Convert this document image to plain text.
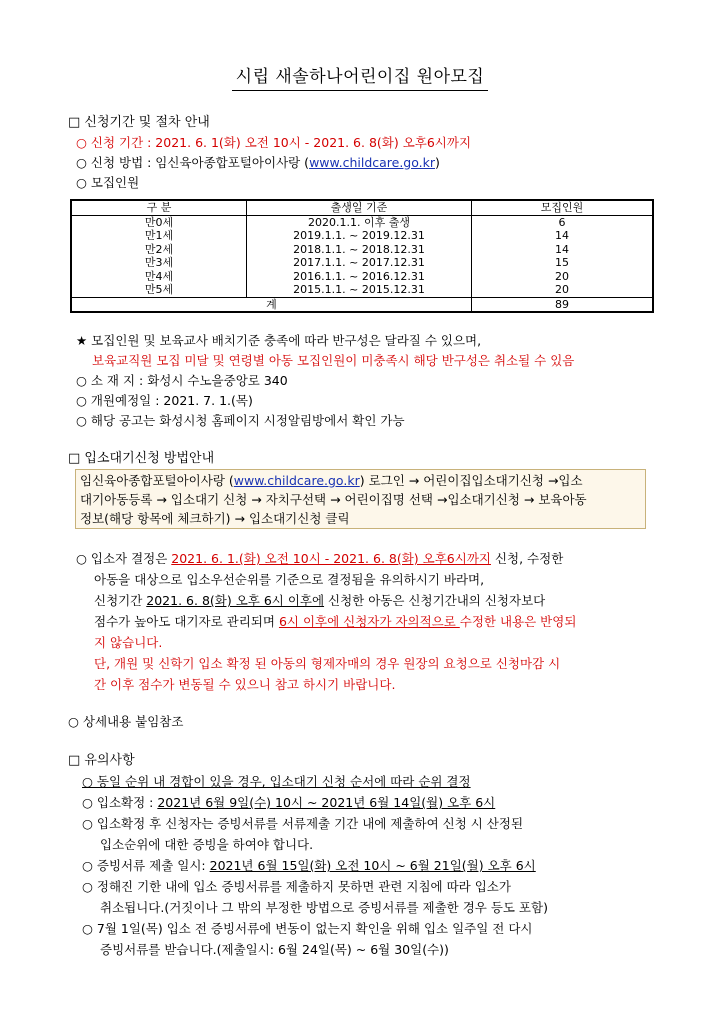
시립 새솔하나어린이집 원아모집
□ 신청기간 및 절차 안내
○ 신청 기간 : 2021. 6. 1(화) 오전 10시 - 2021. 6. 8(화) 오후6시까지
○ 신청 방법 : 임신육아종합포털아이사랑 (www.childcare.go.kr)
○ 모집인원
구 분	출생일 기준	모집인원
만0세	2020.1.1. 이후 출생	6
만1세	2019.1.1. ~ 2019.12.31	14
만2세	2018.1.1. ~ 2018.12.31	14
만3세	2017.1.1. ~ 2017.12.31	15
만4세	2016.1.1. ~ 2016.12.31	20
만5세	2015.1.1. ~ 2015.12.31	20
계		89
★ 모집인원 및 보육교사 배치기준 충족에 따라 반구성은 달라질 수 있으며,
보육교직원 모집 미달 및 연령별 아동 모집인원이 미충족시 해당 반구성은 취소될 수 있음
○ 소 재 지 : 화성시 수노을중앙로 340
○ 개원예정일 : 2021. 7. 1.(목)
○ 해당 공고는 화성시청 홈페이지 시정알림방에서 확인 가능
□ 입소대기신청 방법안내
임신육아종합포털아이사랑 (www.childcare.go.kr) 로그인 → 어린이집입소대기신청 →입소
대기아동등록 → 입소대기 신청 → 자치구선택 → 어린이집명 선택 →입소대기신청 → 보육아동
정보(해당 항목에 체크하기) → 입소대기신청 클릭
○ 입소자 결정은 2021. 6. 1.(화) 오전 10시 - 2021. 6. 8(화) 오후6시까지 신청, 수정한
아동을 대상으로 입소우선순위를 기준으로 결정됨을 유의하시기 바라며,
신청기간 2021. 6. 8(화) 오후 6시 이후에 신청한 아동은 신청기간내의 신청자보다
점수가 높아도 대기자로 관리되며 6시 이후에 신청자가 자의적으로 수정한 내용은 반영되
지 않습니다.
단, 개원 및 신학기 입소 확정 된 아동의 형제자매의 경우 원장의 요청으로 신청마감 시
간 이후 점수가 변동될 수 있으니 참고 하시기 바랍니다.
○ 상세내용 붙임참조
□ 유의사항
○ 동일 순위 내 경합이 있을 경우, 입소대기 신청 순서에 따라 순위 결정
○ 입소확정 : 2021년 6월 9일(수) 10시 ~ 2021년 6월 14일(월) 오후 6시
○ 입소확정 후 신청자는 증빙서류를 서류제출 기간 내에 제출하여 신청 시 산정된
입소순위에 대한 증빙을 하여야 합니다.
○ 증빙서류 제출 일시: 2021년 6월 15일(화) 오전 10시 ~ 6월 21일(월) 오후 6시
○ 정해진 기한 내에 입소 증빙서류를 제출하지 못하면 관련 지침에 따라 입소가
취소됩니다.(거짓이나 그 밖의 부정한 방법으로 증빙서류를 제출한 경우 등도 포함)
○ 7월 1일(목) 입소 전 증빙서류에 변동이 없는지 확인을 위해 입소 일주일 전 다시
증빙서류를 받습니다.(제출일시: 6월 24일(목) ~ 6월 30일(수))
